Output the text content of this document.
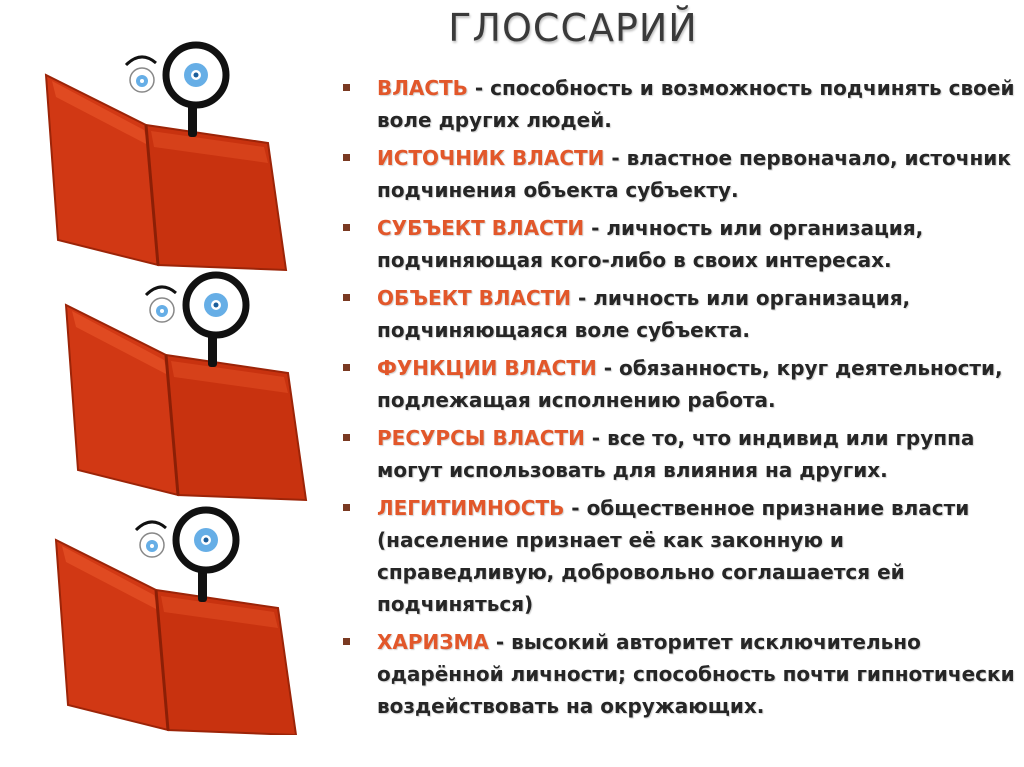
ГЛОССАРИЙ
ВЛАСТЬ - способность и возможность подчинять своей воле других людей.
ИСТОЧНИК ВЛАСТИ - властное первоначало, источник подчинения объекта субъекту.
СУБЪЕКТ ВЛАСТИ - личность или организация, подчиняющая кого-либо в своих интересах.
ОБЪЕКТ ВЛАСТИ - личность или организация, подчиняющаяся воле субъекта.
ФУНКЦИИ ВЛАСТИ - обязанность, круг деятельности, подлежащая исполнению работа.
РЕСУРСЫ ВЛАСТИ - все то, что индивид или группа могут использовать для влияния на других.
ЛЕГИТИМНОСТЬ - общественное признание власти (население признает её как законную и справедливую, добровольно соглашается ей подчиняться)
ХАРИЗМА - высокий авторитет исключительно одарённой личности; способность почти гипнотически воздействовать на окружающих.
